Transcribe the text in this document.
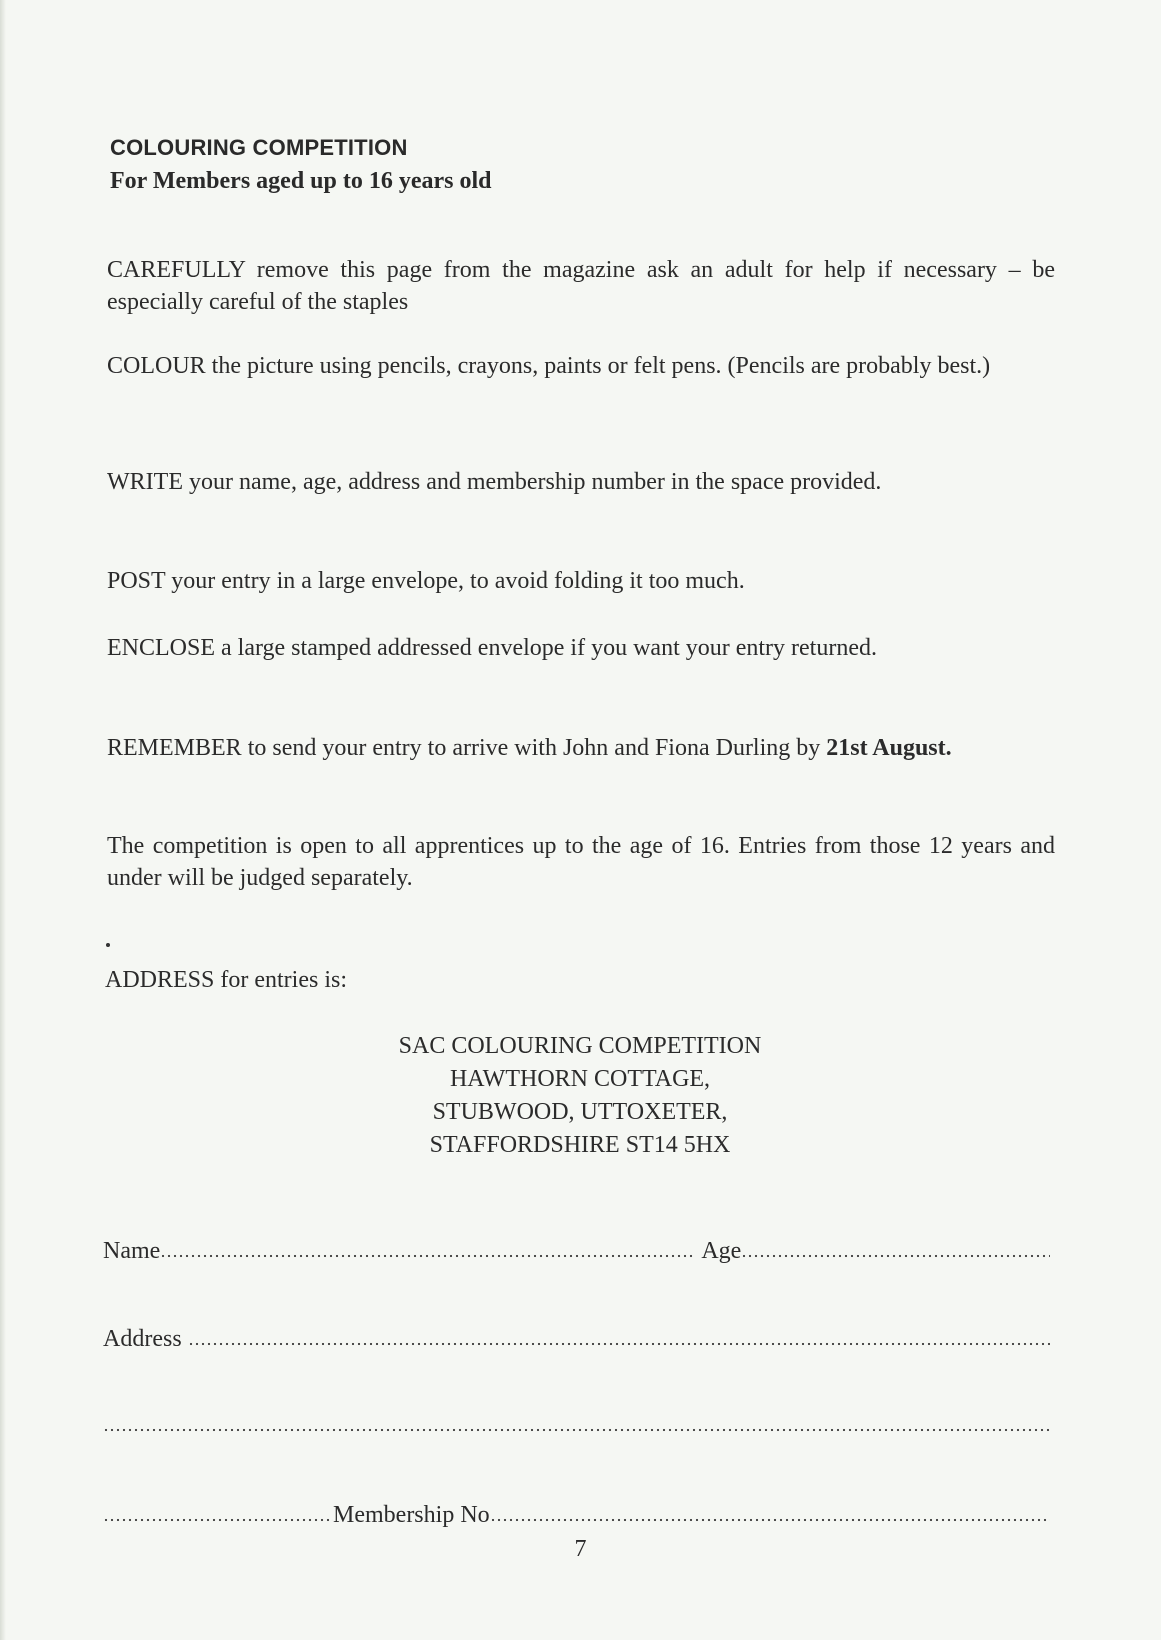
COLOURING COMPETITION
For Members aged up to 16 years old
CAREFULLY remove this page from the magazine ask an adult for help if necessary – be especially careful of the staples
COLOUR the picture using pencils, crayons, paints or felt pens. (Pencils are probably best.)
WRITE your name, age, address and membership number in the space provided.
POST your entry in a large envelope, to avoid folding it too much.
ENCLOSE a large stamped addressed envelope if you want your entry returned.
REMEMBER to send your entry to arrive with John and Fiona Durling by 21st August.
The competition is open to all apprentices up to the age of 16. Entries from those 12 years and under will be judged separately.
ADDRESS for entries is:
SAC COLOURING COMPETITION
HAWTHORN COTTAGE,
STUBWOOD, UTTOXETER,
STAFFORDSHIRE ST14 5HX
Name	Age
Address
Membership No
7
